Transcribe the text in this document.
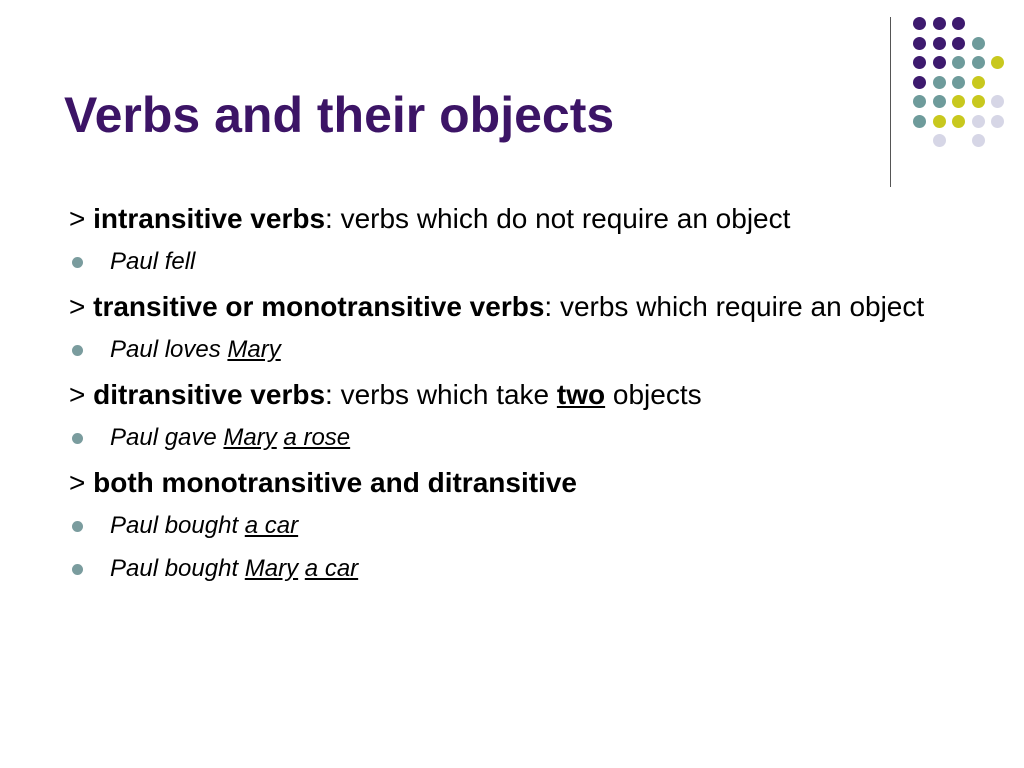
Verbs and their objects
> intransitive verbs: verbs which do not require an object
Paul fell
> transitive or monotransitive verbs: verbs which require an object
Paul loves Mary
> ditransitive verbs: verbs which take two objects
Paul gave Mary a rose
> both monotransitive and ditransitive
Paul bought a car
Paul bought Mary a car
